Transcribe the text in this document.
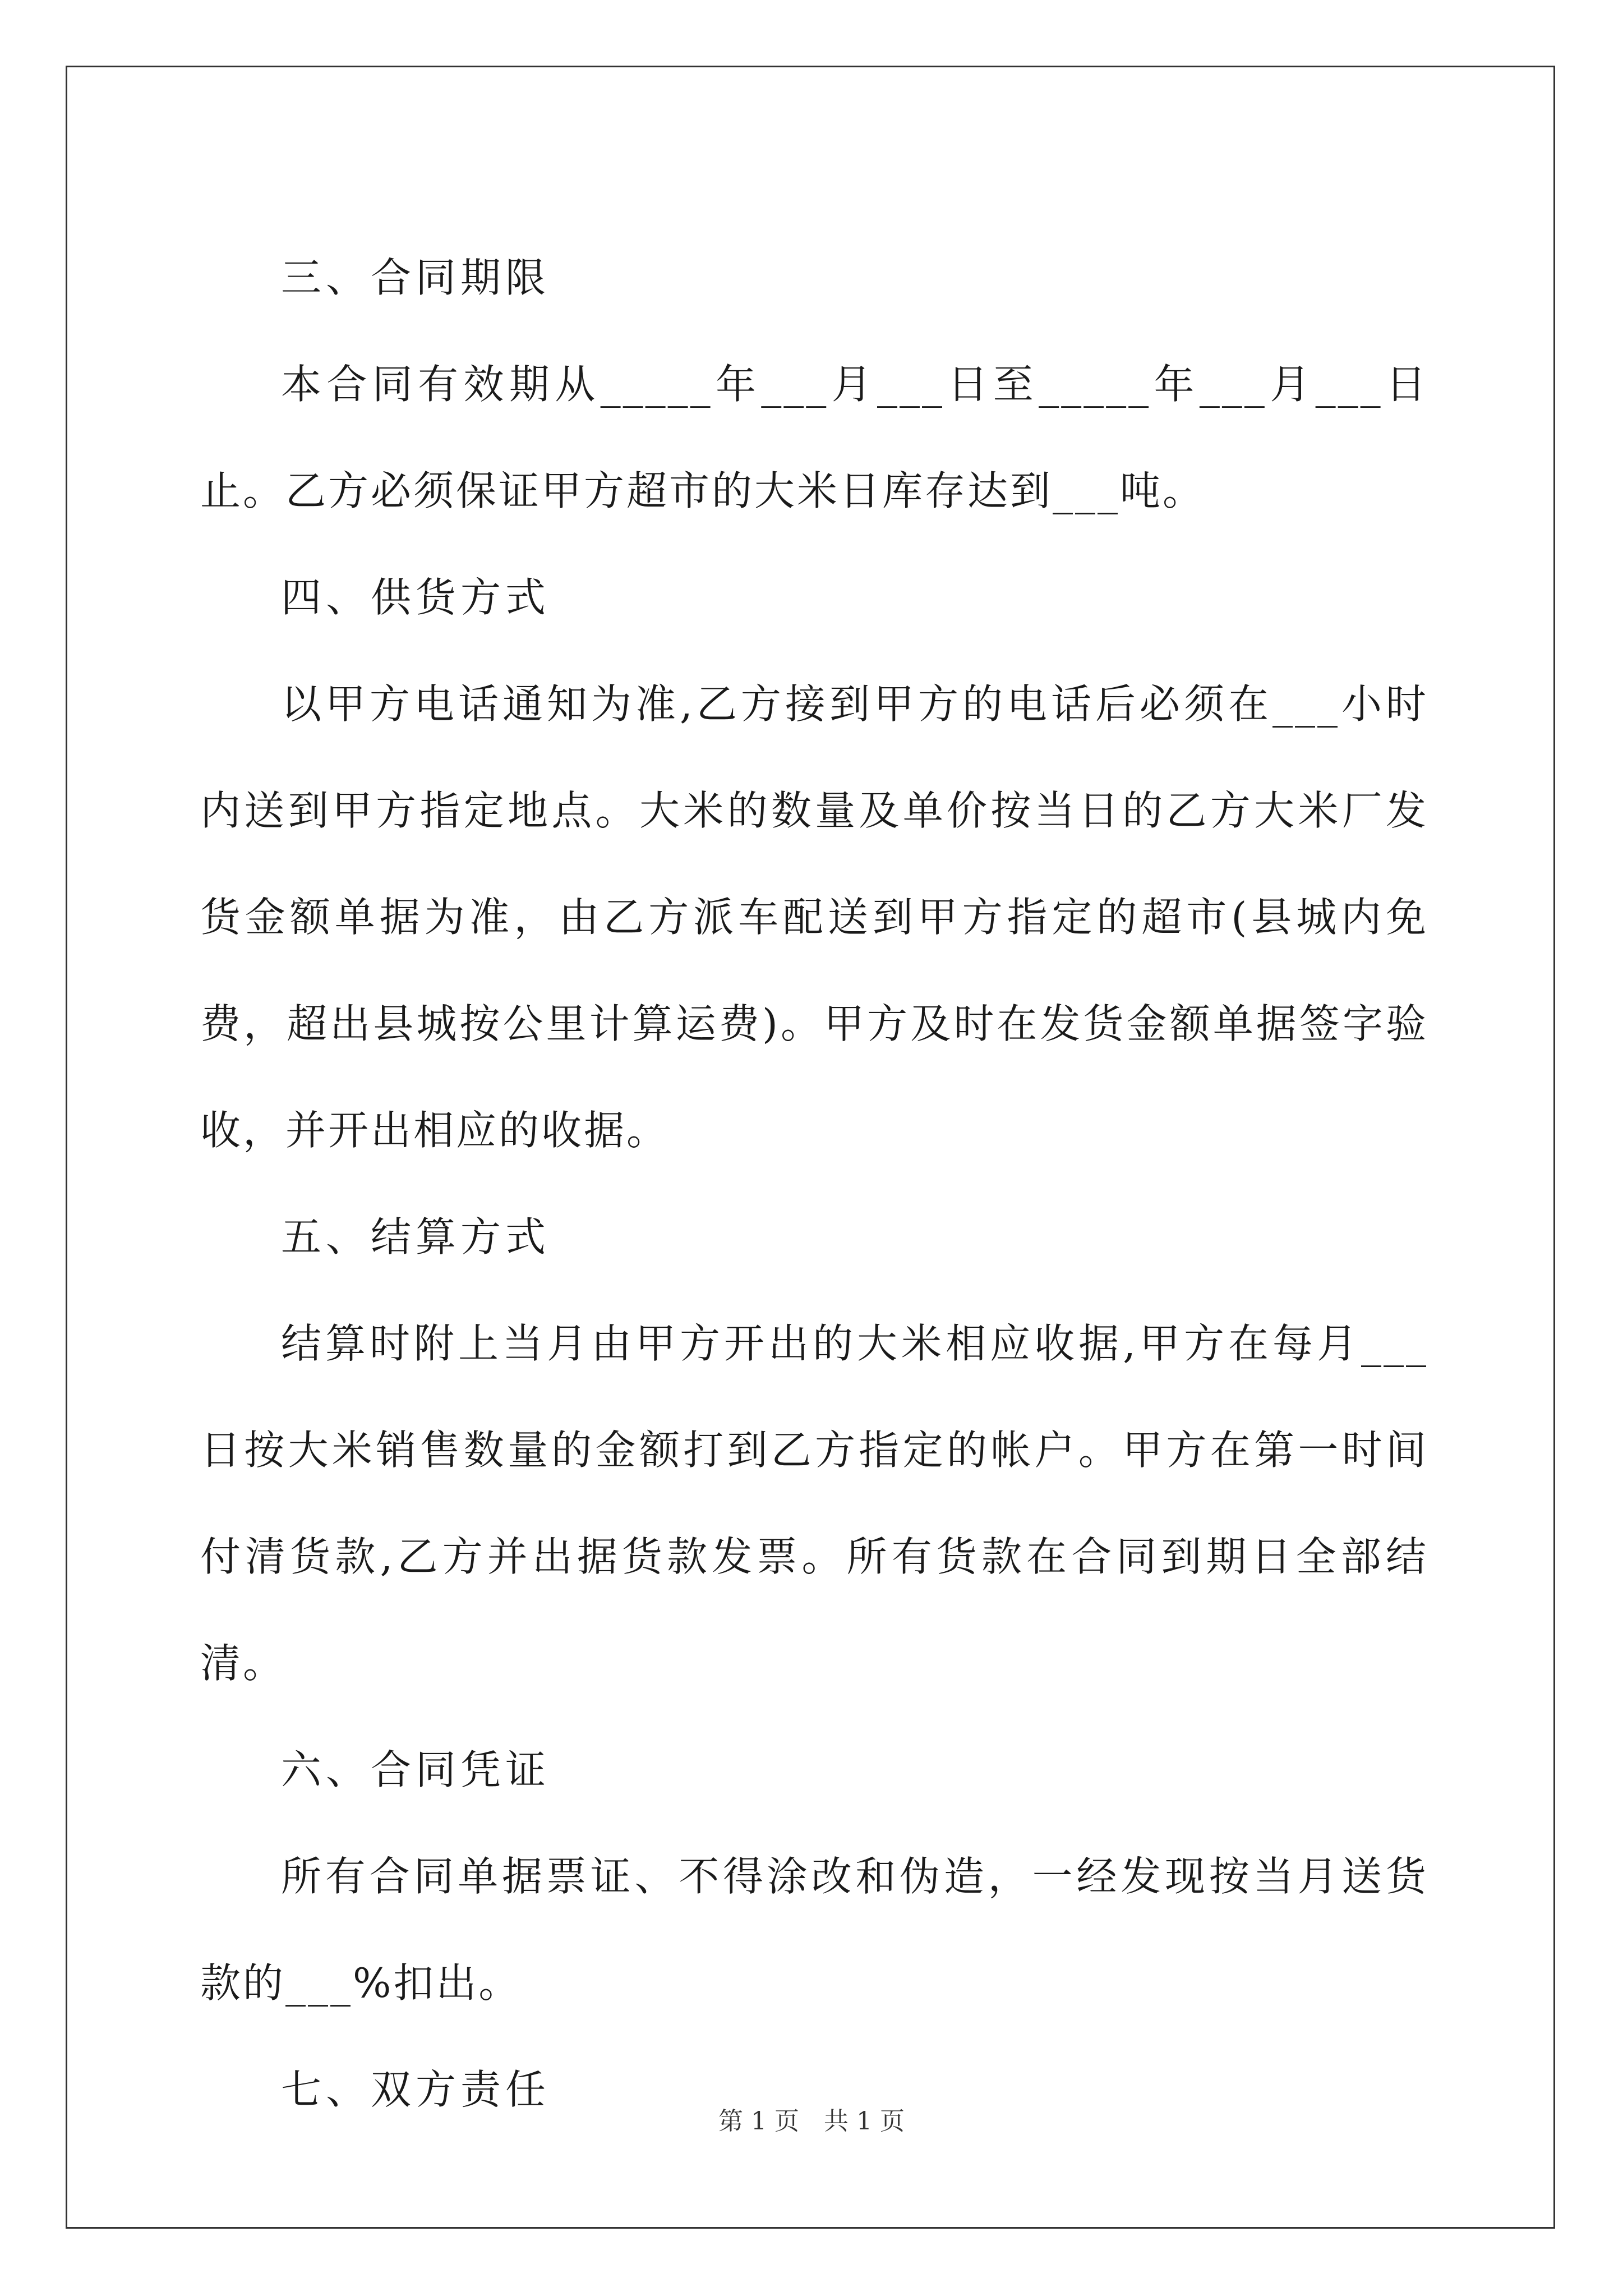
三、合同期限

本合同有效期从_____年___月___日至_____年___月___日止。乙方必须保证甲方超市的大米日库存达到___吨。

四、供货方式

以甲方电话通知为准,乙方接到甲方的电话后必须在___小时内送到甲方指定地点。大米的数量及单价按当日的乙方大米厂发货金额单据为准，由乙方派车配送到甲方指定的超市(县城内免费，超出县城按公里计算运费)。甲方及时在发货金额单据签字验收，并开出相应的收据。

五、结算方式

结算时附上当月由甲方开出的大米相应收据,甲方在每月___日按大米销售数量的金额打到乙方指定的帐户。甲方在第一时间付清货款,乙方并出据货款发票。所有货款在合同到期日全部结清。

六、合同凭证

所有合同单据票证、不得涂改和伪造，一经发现按当月送货款的___%扣出。

七、双方责任

第 1 页　共 1 页
